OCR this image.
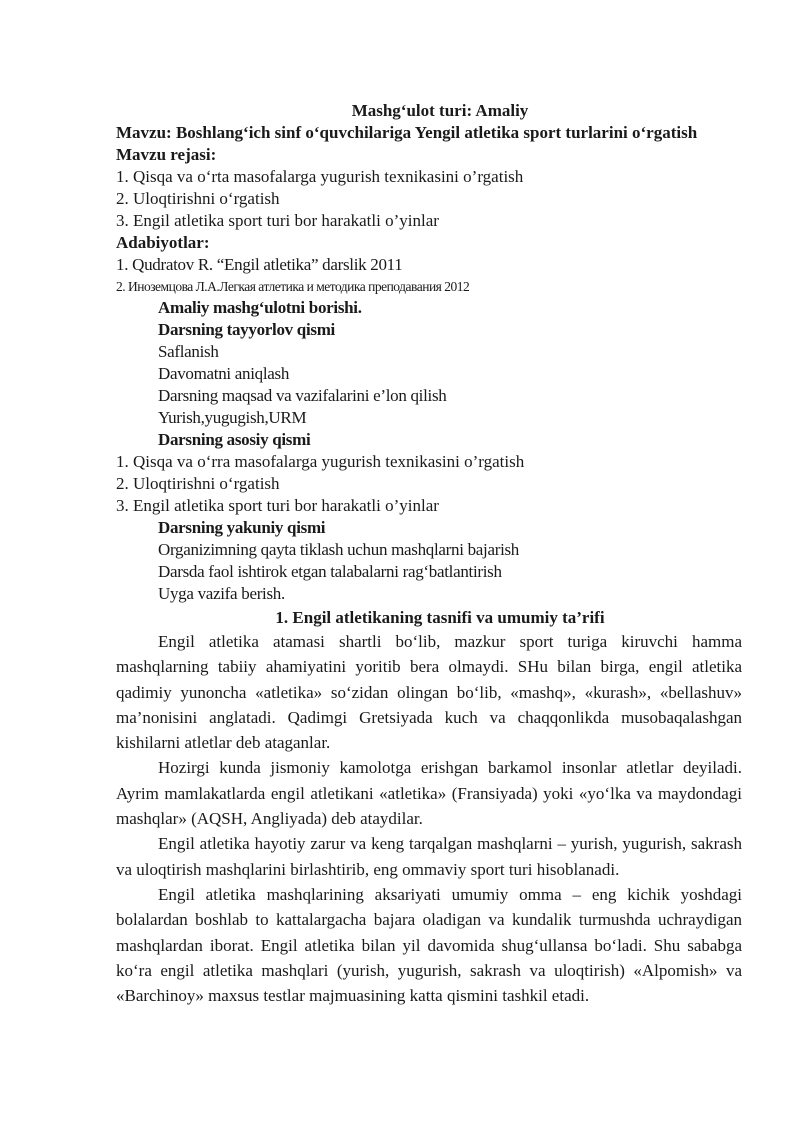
Mashg‘ulot turi: Amaliy
Mavzu: Boshlang‘ich sinf o‘quvchilariga Yengil atletika sport turlarini o‘rgatish
Mavzu rejasi:
1. Qisqa va o‘rta masofalarga yugurish texnikasini o’rgatish
2. Uloqtirishni o‘rgatish
3. Engil atletika sport turi bor harakatli o’yinlar
Adabiyotlar:
1. Qudratov R. “Engil atletika” darslik 2011
2. Иноземцова Л.А.Легкая атлетика и методика преподавания 2012
Amaliy mashg‘ulotni borishi.
Darsning tayyorlov qismi
Saflanish
Davomatni aniqlash
Darsning maqsad va vazifalarini e’lon qilish
Yurish,yugugish,URM
Darsning asosiy qismi
1. Qisqa va o‘rra masofalarga yugurish texnikasini o’rgatish
2. Uloqtirishni o‘rgatish
3. Engil atletika sport turi bor harakatli o’yinlar
Darsning yakuniy qismi
Organizimning qayta tiklash uchun mashqlarni bajarish
Darsda faol ishtirok etgan talabalarni rag‘batlantirish
Uyga vazifa berish.
1. Engil atletikaning tasnifi va umumiy ta’rifi

Engil atletika atamasi shartli bo‘lib, mazkur sport turiga kiruvchi hamma mashqlarning tabiiy ahamiyatini yoritib bera olmaydi. SHu bilan birga, engil atletika qadimiy yunoncha «atletika» so‘zidan olingan bo‘lib, «mashq», «kurash», «bellashuv» ma’nonisini anglatadi. Qadimgi Gretsiyada kuch va chaqqonlikda musobaqalashgan kishilarni atletlar deb ataganlar.

Hozirgi kunda jismoniy kamolotga erishgan barkamol insonlar atletlar deyiladi. Ayrim mamlakatlarda engil atletikani «atletika» (Fransiyada) yoki «yo‘lka va maydondagi mashqlar» (AQSH, Angliyada) deb ataydilar.

Engil atletika hayotiy zarur va keng tarqalgan mashqlarni – yurish, yugurish, sakrash va uloqtirish mashqlarini birlashtirib, eng ommaviy sport turi hisoblanadi.

Engil atletika mashqlarining aksariyati umumiy omma – eng kichik yoshdagi bolalardan boshlab to kattalargacha bajara oladigan va kundalik turmushda uchraydigan mashqlardan iborat. Engil atletika bilan yil davomida shug‘ullansa bo‘ladi. Shu sababga ko‘ra engil atletika mashqlari (yurish, yugurish, sakrash va uloqtirish) «Alpomish» va «Barchinoy» maxsus testlar majmuasining katta qismini tashkil etadi.
